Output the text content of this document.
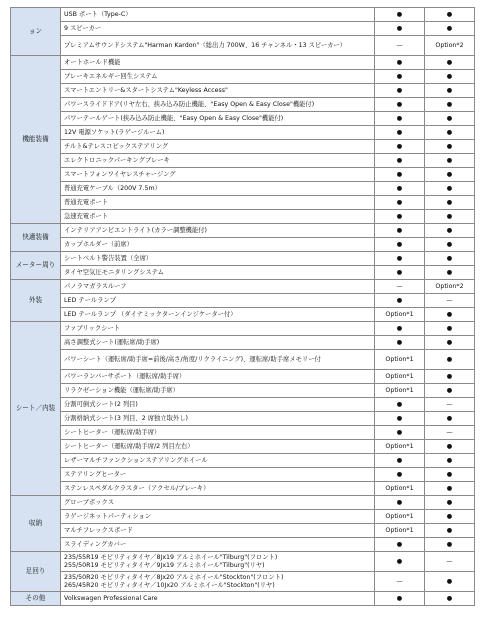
ョン	USB ポート（Type-C）	●	●
	9 スピーカー	●	●
	プレミアムサウンドシステム"Harman Kardon"（総出力 700W、16 チャンネル・13 スピーカー）	—	Option*2
機能装備	オートホールド機能	●	●
	ブレーキエネルギー回生システム	●	●
	スマートエントリー&スタートシステム"Keyless Access"	●	●
	パワースライドドア(リヤ左右、挟み込み防止機能、"Easy Open & Easy Close"機能付)	●	●
	パワーテールゲート(挟み込み防止機能、"Easy Open & Easy Close"機能付)	●	●
	12V 電源ソケット(ラゲージルーム)	●	●
	チルト&テレスコピックステアリング	●	●
	エレクトロニックパーキングブレーキ	●	●
	スマートフォンワイヤレスチャージング	●	●
	普通充電ケーブル（200V 7.5m）	●	●
	普通充電ポート	●	●
	急速充電ポート	●	●
快適装備	インテリアアンビエントライト(カラー調整機能付)	●	●
	カップホルダー（前席）	●	●
メーター周り	シートベルト警告装置（全席）	●	●
	タイヤ空気圧モニタリングシステム	●	●
外装	パノラマガラスルーフ	—	Option*2
	LED テールランプ	●	—
	LED テールランプ （ダイナミックターンインジケーター付）	Option*1	●
シート／内装	ファブリックシート	●	●
	高さ調整式シート(運転席/助手席)	●	●
	パワーシート（運転席/助手席=前後/高さ/角度/リクライニング)、運転席/助手席メモリー付	Option*1	●
	パワーランバーサポート（運転席/助手席）	Option*1	●
	リラクゼーション機能（運転席/助手席）	Option*1	●
	分割可倒式シート(2 列目)	●	—
	分割格納式シート(3 列目、2 席独立取外し)	●	●
	シートヒーター（運転席/助手席）	●	—
	シートヒーター（運転席/助手席/2 列目左右）	Option*1	●
	レザーマルチファンクションステアリングホイール	●	●
	ステアリングヒーター	●	●
	ステンレスペダルクラスター（アクセル/ブレーキ）	Option*1	●
収納	グローブボックス	●	●
	ラゲージネットパーティション	Option*1	●
	マルチフレックスボード	Option*1	●
	スライディングカバー	●	●
足回り	235/55R19 モビリティタイヤ／8Jx19 アルミホイール"Tilburg"(フロント)
255/50R19 モビリティタイヤ／9Jx19 アルミホイール"Tilburg"(リヤ)	●	—

	235/50R20 モビリティタイヤ／8Jx20 アルミホイール"Stockton"(フロント)
265/45R20 モビリティタイヤ／10Jx20 アルミホイール"Stockton"(リヤ)	—	●
その他	Volkswagen Professional Care	●	●
